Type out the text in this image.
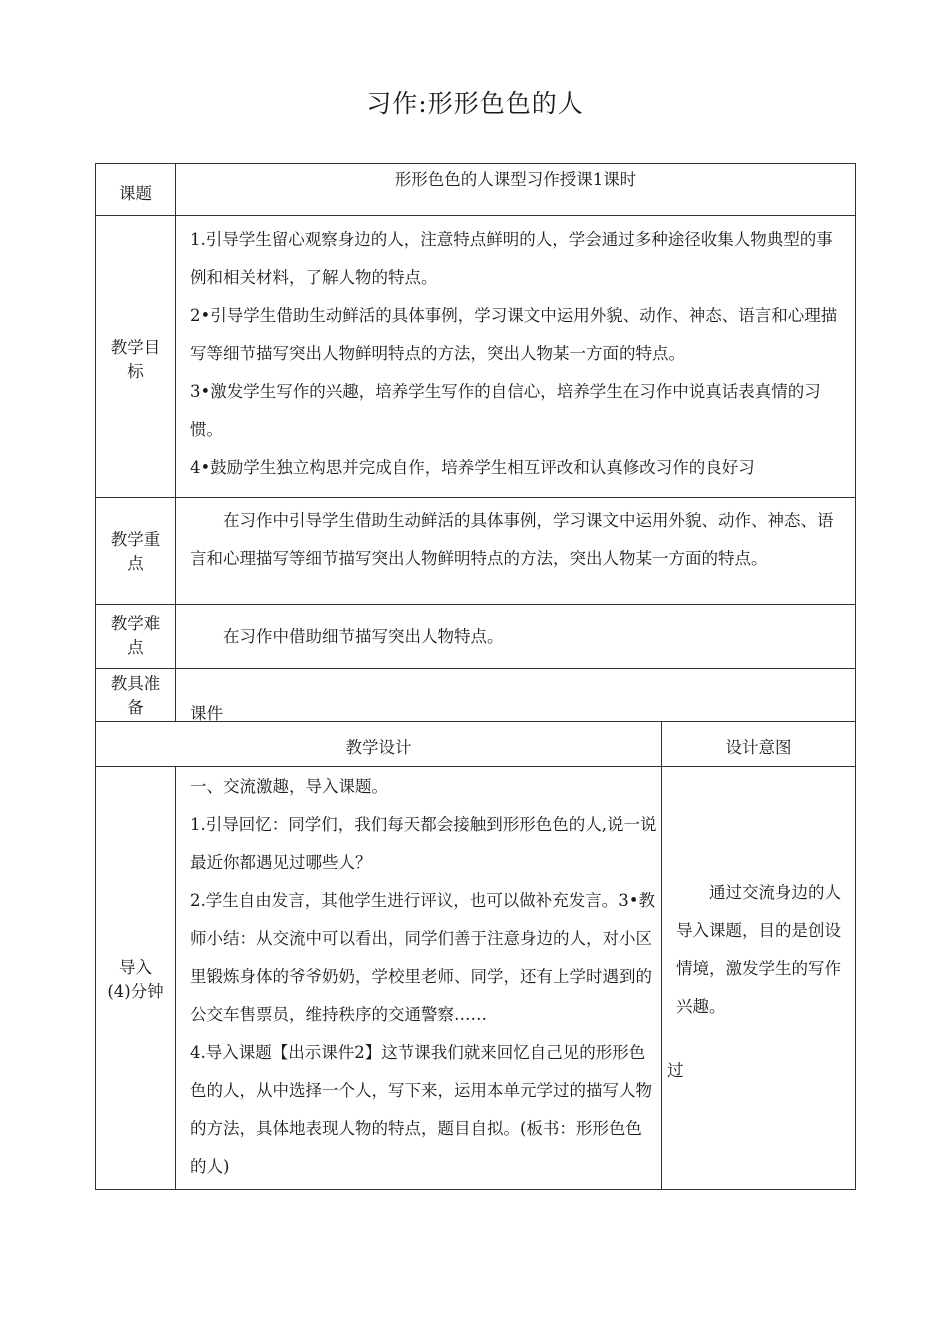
习作:形形色色的人
课题
形形色色的人课型习作授课1课时
教学目
标

1.引导学生留心观察身边的人，注意特点鲜明的人，学会通过多种途径收集人物典型的事例和相关材料，了解人物的特点。

2•引导学生借助生动鲜活的具体事例，学习课文中运用外貌、动作、神态、语言和心理描写等细节描写突出人物鲜明特点的方法，突出人物某一方面的特点。

3•激发学生写作的兴趣，培养学生写作的自信心，培养学生在习作中说真话表真情的习惯。

4•鼓励学生独立构思并完成自作，培养学生相互评改和认真修改习作的良好习

教学重
点

在习作中引导学生借助生动鲜活的具体事例，学习课文中运用外貌、动作、神态、语言和心理描写等细节描写突出人物鲜明特点的方法，突出人物某一方面的特点。

教学难
点

在习作中借助细节描写突出人物特点。

教具准
备	课件
教学设计	设计意图
导入
(4)分钟

一、交流激趣，导入课题。

1.引导回忆：同学们，我们每天都会接触到形形色色的人,说一说最近你都遇见过哪些人？

2.学生自由发言，其他学生进行评议，也可以做补充发言。3•教师小结：从交流中可以看出，同学们善于注意身边的人，对小区里锻炼身体的爷爷奶奶，学校里老师、同学，还有上学时遇到的公交车售票员，维持秩序的交通警察……

4.导入课题【出示课件2】这节课我们就来回忆自己见的形形色色的人，从中选择一个人，写下来，运用本单元学过的描写人物的方法，具体地表现人物的特点，题目自拟。(板书：形形色色的人)

通过交流身边的人导入课题，目的是创设情境，激发学生的写作兴趣。

过
